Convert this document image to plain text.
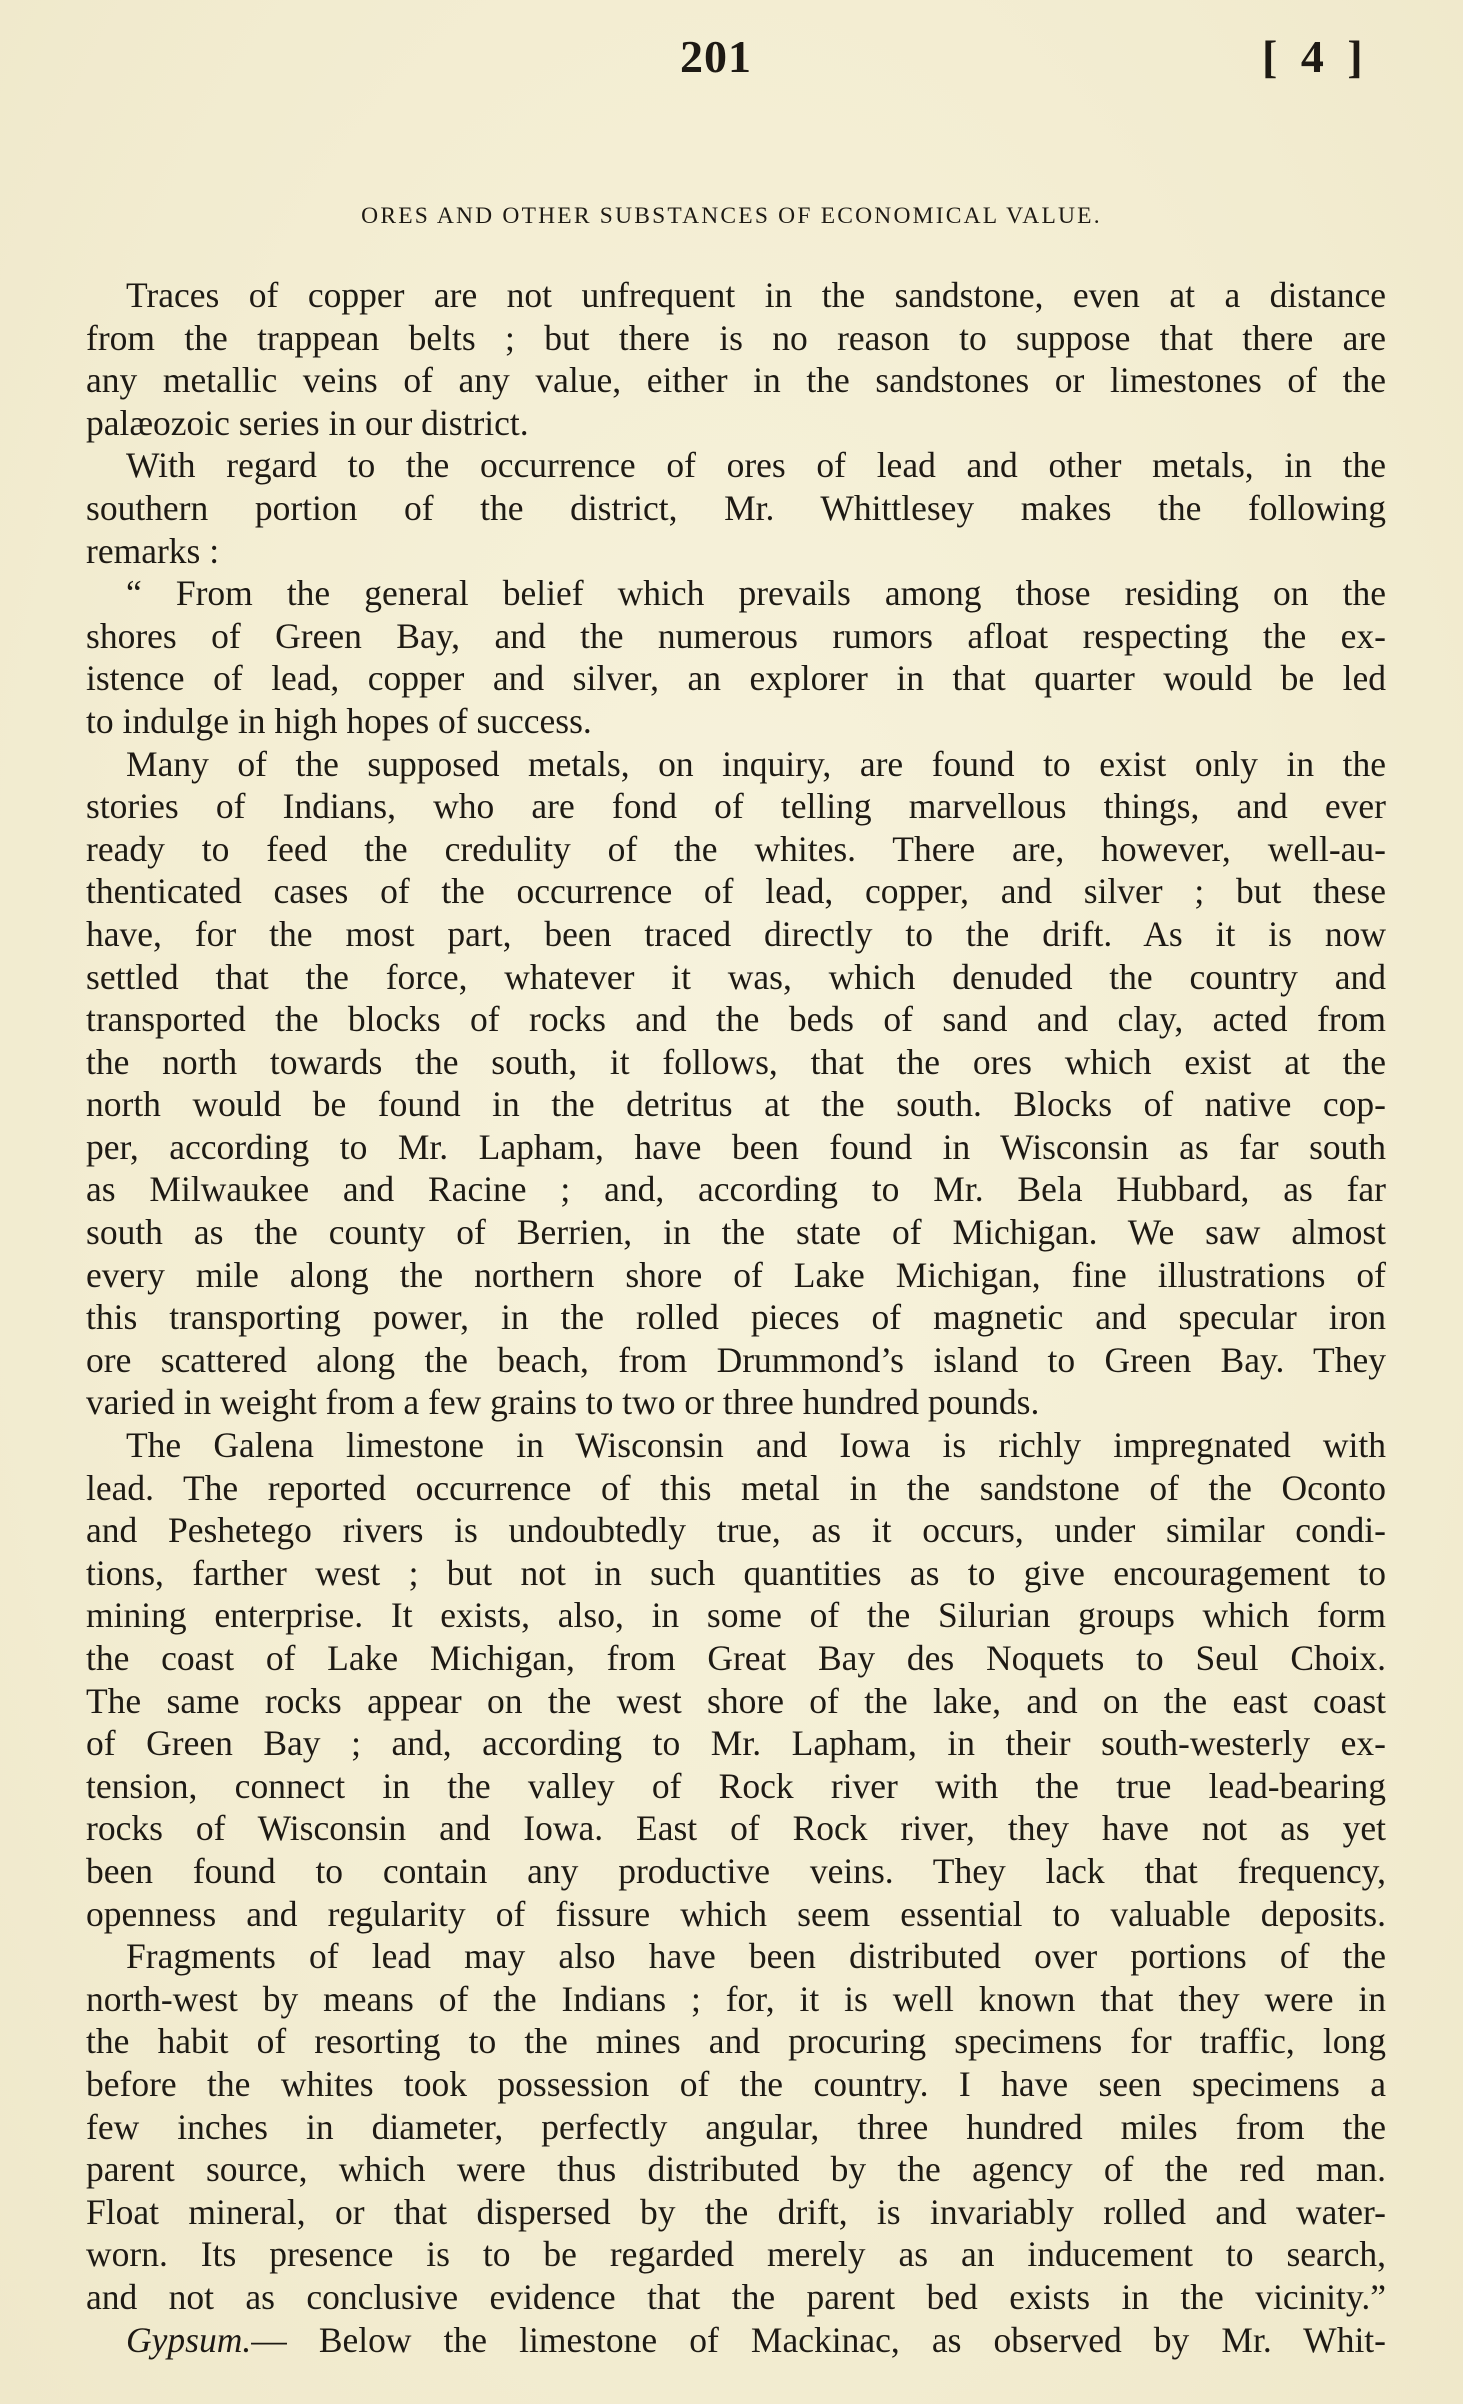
201	[ 4 ]
ORES AND OTHER SUBSTANCES OF ECONOMICAL VALUE.
Traces of copper are not unfrequent in the sandstone, even at a distance
from the trappean belts ; but there is no reason to suppose that there are
any metallic veins of any value, either in the sandstones or limestones of the
palæozoic series in our district.
With regard to the occurrence of ores of lead and other metals, in the
southern portion of the district, Mr. Whittlesey makes the following
remarks :
“ From the general belief which prevails among those residing on the
shores of Green Bay, and the numerous rumors afloat respecting the ex-
istence of lead, copper and silver, an explorer in that quarter would be led
to indulge in high hopes of success.
Many of the supposed metals, on inquiry, are found to exist only in the
stories of Indians, who are fond of telling marvellous things, and ever
ready to feed the credulity of the whites. There are, however, well-au-
thenticated cases of the occurrence of lead, copper, and silver ; but these
have, for the most part, been traced directly to the drift. As it is now
settled that the force, whatever it was, which denuded the country and
transported the blocks of rocks and the beds of sand and clay, acted from
the north towards the south, it follows, that the ores which exist at the
north would be found in the detritus at the south. Blocks of native cop-
per, according to Mr. Lapham, have been found in Wisconsin as far south
as Milwaukee and Racine ; and, according to Mr. Bela Hubbard, as far
south as the county of Berrien, in the state of Michigan. We saw almost
every mile along the northern shore of Lake Michigan, fine illustrations of
this transporting power, in the rolled pieces of magnetic and specular iron
ore scattered along the beach, from Drummond’s island to Green Bay. They
varied in weight from a few grains to two or three hundred pounds.
The Galena limestone in Wisconsin and Iowa is richly impregnated with
lead. The reported occurrence of this metal in the sandstone of the Oconto
and Peshetego rivers is undoubtedly true, as it occurs, under similar condi-
tions, farther west ; but not in such quantities as to give encouragement to
mining enterprise. It exists, also, in some of the Silurian groups which form
the coast of Lake Michigan, from Great Bay des Noquets to Seul Choix.
The same rocks appear on the west shore of the lake, and on the east coast
of Green Bay ; and, according to Mr. Lapham, in their south-westerly ex-
tension, connect in the valley of Rock river with the true lead-bearing
rocks of Wisconsin and Iowa. East of Rock river, they have not as yet
been found to contain any productive veins. They lack that frequency,
openness and regularity of fissure which seem essential to valuable deposits.
Fragments of lead may also have been distributed over portions of the
north-west by means of the Indians ; for, it is well known that they were in
the habit of resorting to the mines and procuring specimens for traffic, long
before the whites took possession of the country. I have seen specimens a
few inches in diameter, perfectly angular, three hundred miles from the
parent source, which were thus distributed by the agency of the red man.
Float mineral, or that dispersed by the drift, is invariably rolled and water-
worn. Its presence is to be regarded merely as an inducement to search,
and not as conclusive evidence that the parent bed exists in the vicinity.”
Gypsum.— Below the limestone of Mackinac, as observed by Mr. Whit-
